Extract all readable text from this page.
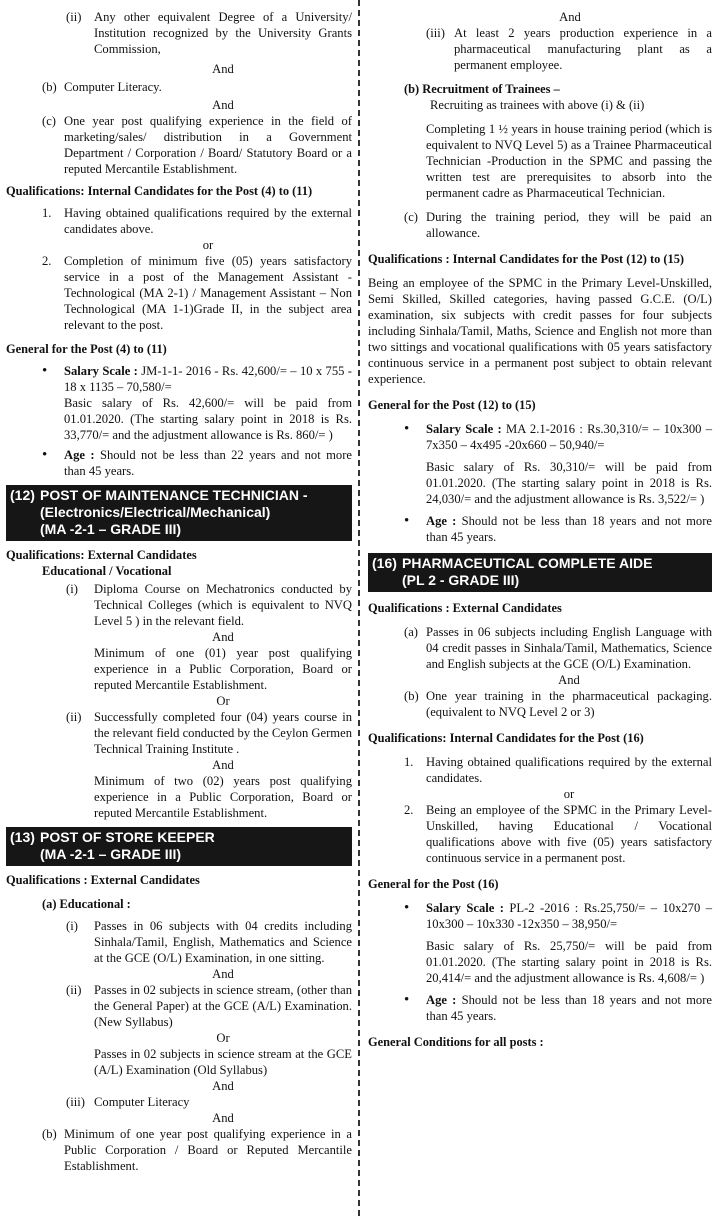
(ii) Any other equivalent Degree of a University/ Institution recognized by the University Grants Commission,

And

(b) Computer Literacy.

And

(c) One year post qualifying experience in the field of marketing/sales/ distribution in a Government Department / Corporation / Board/ Statutory Board or a reputed Mercantile Establishment.

Qualifications: Internal Candidates for the Post (4) to (11)

1. Having obtained qualifications required by the external candidates above.

or

2. Completion of minimum five (05) years satisfactory service in a post of the Management Assistant - Technological (MA 2-1) / Management Assistant – Non Technological (MA 1-1)Grade II, in the subject area relevant to the post.

General for the Post (4) to (11)

• Salary Scale : JM-1-1- 2016 - Rs. 42,600/= – 10 x 755 - 18 x 1135 – 70,580/=

Basic salary of Rs. 42,600/= will be paid from 01.01.2020. (The starting salary point in 2018 is Rs. 33,770/= and the adjustment allowance is Rs. 860/= )

• Age : Should not be less than 22 years and not more than 45 years.

(12) POST OF MAINTENANCE TECHNICIAN -
(Electronics/Electrical/Mechanical)
(MA -2-1 – GRADE III)

Qualifications: External Candidates

Educational / Vocational

(i) Diploma Course on Mechatronics conducted by Technical Colleges (which is equivalent to NVQ Level 5 ) in the relevant field.

And

Minimum of one (01) year post qualifying experience in a Public Corporation, Board or reputed Mercantile Establishment.

Or

(ii) Successfully completed four (04) years course in the relevant field conducted by the Ceylon Germen Technical Training Institute .

And

Minimum of two (02) years post qualifying experience in a Public Corporation, Board or reputed Mercantile Establishment.

(13) POST OF STORE KEEPER
(MA -2-1 – GRADE III)

Qualifications : External Candidates

(a) Educational :

(i) Passes in 06 subjects with 04 credits including Sinhala/Tamil, English, Mathematics and Science at the GCE (O/L) Examination, in one sitting.

And

(ii) Passes in 02 subjects in science stream, (other than the General Paper) at the GCE (A/L) Examination. (New Syllabus)

Or

Passes in 02 subjects in science stream at the GCE (A/L) Examination (Old Syllabus)

And

(iii) Computer Literacy

And

(b) Minimum of one year post qualifying experience in a Public Corporation / Board or Reputed Mercantile Establishment.

And

(iii) At least 2 years production experience in a pharmaceutical manufacturing plant as a permanent employee.

(b) Recruitment of Trainees –

Recruiting as trainees with above (i) & (ii)

Completing 1 ½ years in house training period (which is equivalent to NVQ Level 5) as a Trainee Pharmaceutical Technician -Production in the SPMC and passing the written test are prerequisites to absorb into the permanent cadre as Pharmaceutical Technician.

(c) During the training period, they will be paid an allowance.

Qualifications : Internal Candidates for the Post (12) to (15)

Being an employee of the SPMC in the Primary Level-Unskilled, Semi Skilled, Skilled categories, having passed G.C.E. (O/L) examination, six subjects with credit passes for four subjects including Sinhala/Tamil, Maths, Science and English not more than two sittings and vocational qualifications with 05 years satisfactory continuous service in a permanent post subject to obtain relevant experience.

General for the Post (12) to (15)

• Salary Scale : MA 2.1-2016 : Rs.30,310/= – 10x300 – 7x350 – 4x495 -20x660 – 50,940/=

Basic salary of Rs. 30,310/= will be paid from 01.01.2020. (The starting salary point in 2018 is Rs. 24,030/= and the adjustment allowance is Rs. 3,522/= )

• Age : Should not be less than 18 years and not more than 45 years.

(16) PHARMACEUTICAL COMPLETE AIDE
(PL 2 - GRADE III)

Qualifications : External Candidates

(a) Passes in 06 subjects including English Language with 04 credit passes in Sinhala/Tamil, Mathematics, Science and English subjects at the GCE (O/L) Examination.

And

(b) One year training in the pharmaceutical packaging. (equivalent to NVQ Level 2 or 3)

Qualifications: Internal Candidates for the Post (16)

1. Having obtained qualifications required by the external candidates.

or

2. Being an employee of the SPMC in the Primary Level-Unskilled, having Educational / Vocational qualifications above with five (05) years satisfactory continuous service in a permanent post.

General for the Post (16)

• Salary Scale : PL-2 -2016 : Rs.25,750/= – 10x270 – 10x300 – 10x330 -12x350 – 38,950/=

Basic salary of Rs. 25,750/= will be paid from 01.01.2020. (The starting salary point in 2018 is Rs. 20,414/= and the adjustment allowance is Rs. 4,608/= )

• Age : Should not be less than 18 years and not more than 45 years.

General Conditions for all posts :
